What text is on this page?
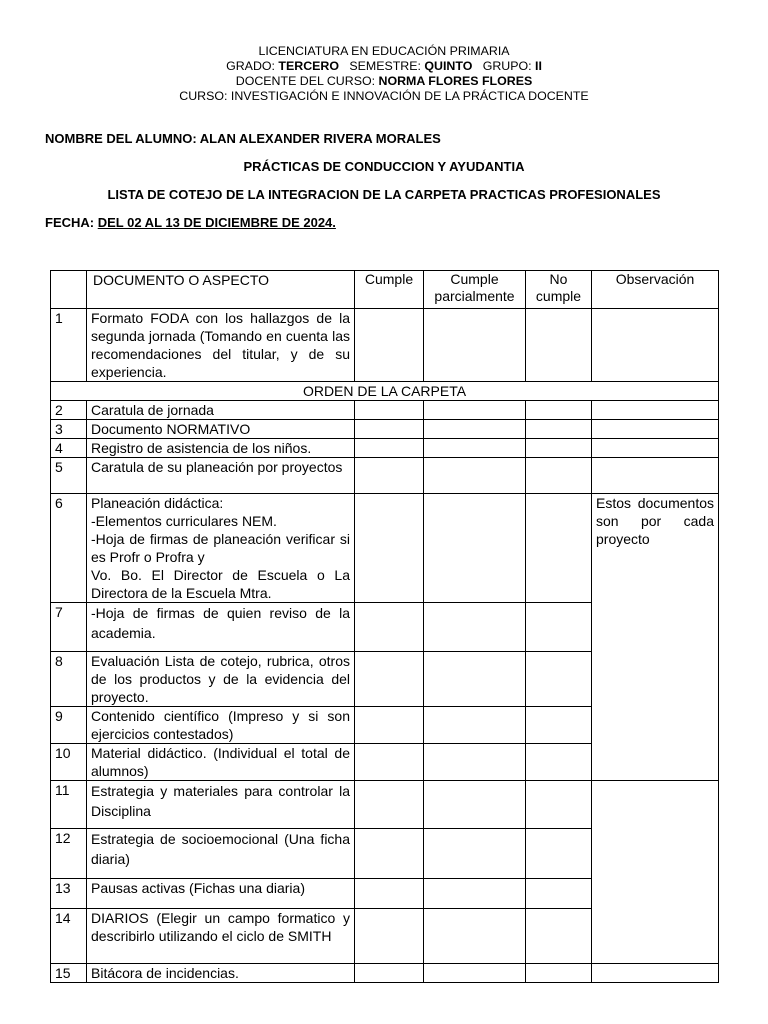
LICENCIATURA EN EDUCACIÓN PRIMARIA
GRADO: TERCERO SEMESTRE: QUINTO GRUPO: II
DOCENTE DEL CURSO: NORMA FLORES FLORES
CURSO: INVESTIGACIÓN E INNOVACIÓN DE LA PRÁCTICA DOCENTE
NOMBRE DEL ALUMNO: ALAN ALEXANDER RIVERA MORALES
PRÁCTICAS DE CONDUCCION Y AYUDANTIA
LISTA DE COTEJO DE LA INTEGRACION DE LA CARPETA PRACTICAS PROFESIONALES
FECHA: DEL 02 AL 13 DE DICIEMBRE DE 2024.
	DOCUMENTO O ASPECTO	Cumple	Cumple parcialmente	No cumple	Observación
1	Formato FODA con los hallazgos de la segunda jornada (Tomando en cuenta las recomendaciones del titular, y de su experiencia.				
ORDEN DE LA CARPETA					
2	Caratula de jornada				
3	Documento NORMATIVO				
4	Registro de asistencia de los niños.				
5	Caratula de su planeación por proyectos				
6	Planeación didáctica:
-Elementos curriculares NEM.
-Hoja de firmas de planeación verificar si es Profr o Profra y
Vo. Bo. El Director de Escuela o La Directora de la Escuela Mtra.				Estos documentos son por cada proyecto
7	-Hoja de firmas de quien reviso de la academia.				
8	Evaluación Lista de cotejo, rubrica, otros de los productos y de la evidencia del proyecto.				
9	Contenido científico (Impreso y si son ejercicios contestados)				
10	Material didáctico. (Individual el total de alumnos)				
11	Estrategia y materiales para controlar la Disciplina				
12	Estrategia de socioemocional (Una ficha diaria)				
13	Pausas activas (Fichas una diaria)				
14	DIARIOS (Elegir un campo formatico y describirlo utilizando el ciclo de SMITH				
15	Bitácora de incidencias.				
